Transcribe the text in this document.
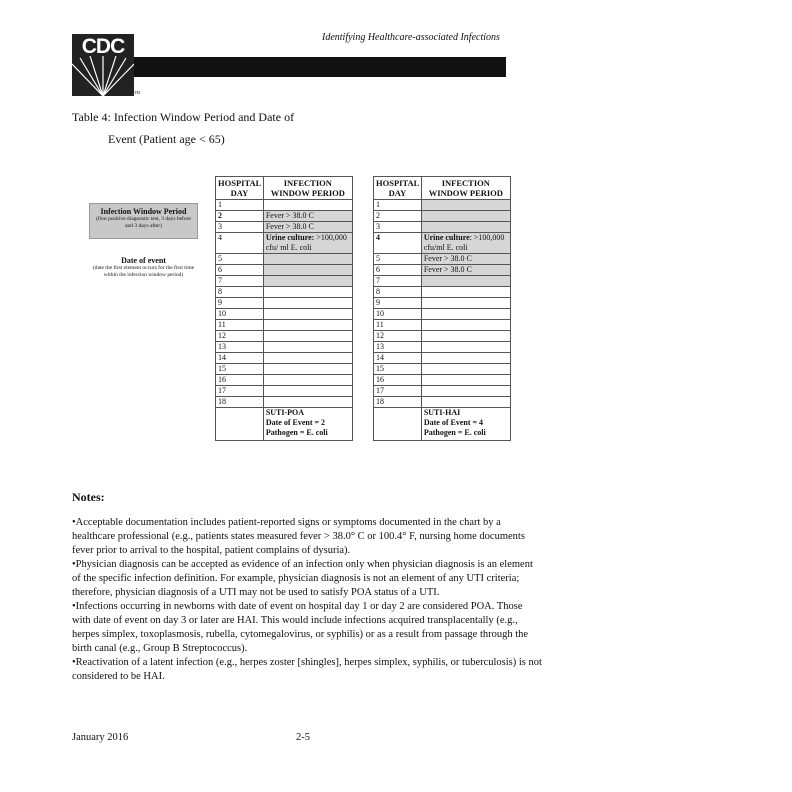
Identifying Healthcare-associated Infections
CDC
TM
Table 4: Infection Window Period and Date of
Event (Patient age < 65)
Infection Window Period
(first positive diagnostic test, 3 days before and 3 days after)
Date of event
(date the first element occurs for the first time within the infection window period)
HOSPITAL DAY	INFECTION WINDOW PERIOD
1	
2	Fever > 38.0 C
3	Fever > 38.0 C
4	Urine culture: >100,000 cfu/ ml E. coli
5	
6	
7	
8	
9	
10	
11	
12	
13	
14	
15	
16	
17	
18	

	SUTI-POA
Date of Event = 2
Pathogen = E. coli
HOSPITAL DAY	INFECTION WINDOW PERIOD
1	
2	
3	
4	Urine culture: >100,000 cfu/ml E. coli
5	Fever > 38.0 C
6	Fever > 38.0 C
7	
8	
9	
10	
11	
12	
13	
14	
15	
16	
17	
18	

	SUTI-HAI
Date of Event = 4
Pathogen = E. coli
Notes:

•Acceptable documentation includes patient-reported signs or symptoms documented in the chart by a healthcare professional (e.g., patients states measured fever > 38.0° C or 100.4° F, nursing home documents fever prior to arrival to the hospital, patient complains of dysuria).

•Physician diagnosis can be accepted as evidence of an infection only when physician diagnosis is an element of the specific infection definition. For example, physician diagnosis is not an element of any UTI criteria; therefore, physician diagnosis of a UTI may not be used to satisfy POA status of a UTI.

•Infections occurring in newborns with date of event on hospital day 1 or day 2 are considered POA. Those with date of event on day 3 or later are HAI. This would include infections acquired transplacentally (e.g., herpes simplex, toxoplasmosis, rubella, cytomegalovirus, or syphilis) or as a result from passage through the birth canal (e.g., Group B Streptococcus).

•Reactivation of a latent infection (e.g., herpes zoster [shingles], herpes simplex, syphilis, or tuberculosis) is not considered to be HAI.

January 2016	2-5
